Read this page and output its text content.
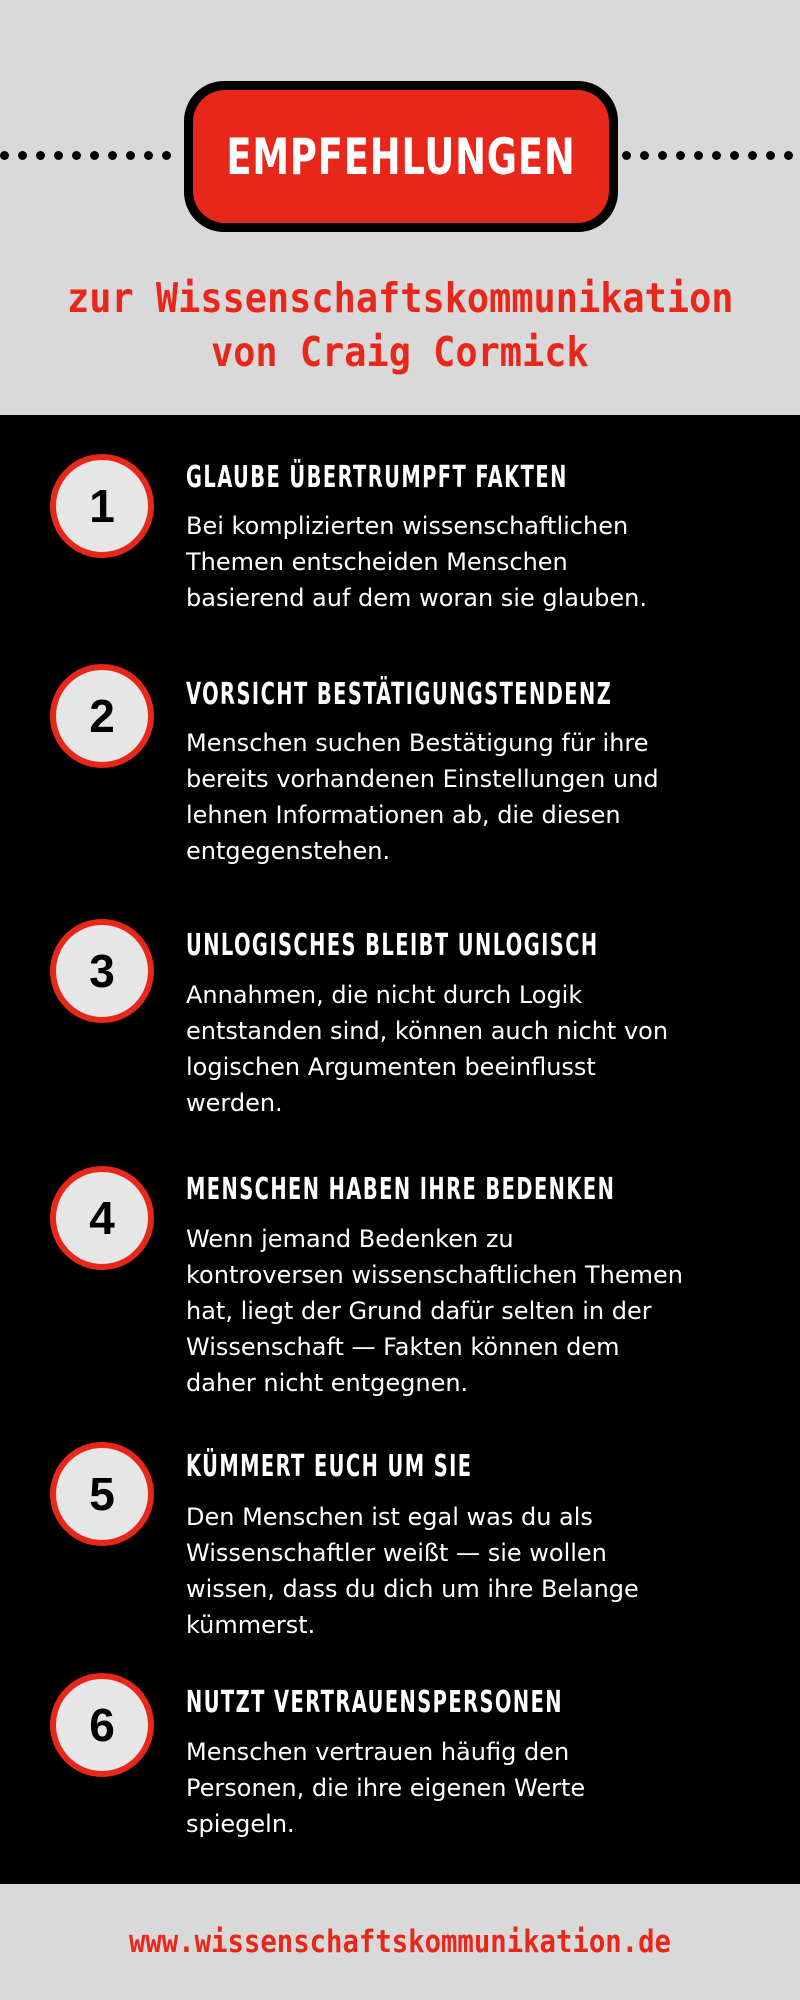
EMPFEHLUNGEN
zur Wissenschaftskommunikation
von Craig Cormick
1
GLAUBE ÜBERTRUMPFT FAKTEN
Bei komplizierten wissenschaftlichen
Themen entscheiden Menschen
basierend auf dem woran sie glauben.
2 VORSICHT BESTÄTIGUNGSTENDENZ
Menschen suchen Bestätigung für ihre
bereits vorhandenen Einstellungen und
lehnen Informationen ab, die diesen
entgegenstehen.
3 UNLOGISCHES BLEIBT UNLOGISCH
Annahmen, die nicht durch Logik
entstanden sind, können auch nicht von
logischen Argumenten beeinflusst
werden.
4
MENSCHEN HABEN IHRE BEDENKEN
Wenn jemand Bedenken zu
kontroversen wissenschaftlichen Themen
hat, liegt der Grund dafür selten in der
Wissenschaft — Fakten können dem
daher nicht entgegnen.
5
KÜMMERT EUCH UM SIE
Den Menschen ist egal was du als
Wissenschaftler weißt — sie wollen
wissen, dass du dich um ihre Belange
kümmerst.
6 NUTZT VERTRAUENSPERSONEN
Menschen vertrauen häufig den
Personen, die ihre eigenen Werte
spiegeln.
www.wissenschaftskommunikation.de
